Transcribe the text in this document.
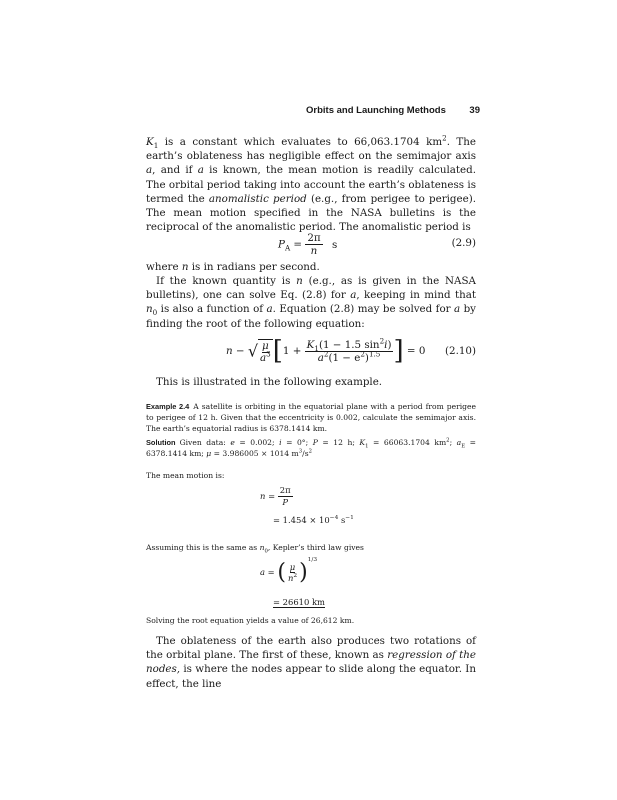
Orbits and Launching Methods 39
$K_1$ is a constant which evaluates to 66,063.1704 $km^2$. The earth’s oblateness has negligible effect on the semimajor axis a, and if a is known, the mean motion is readily calculated. The orbital period taking into account the earth’s oblateness is termed the anomalistic period (e.g., from perigee to perigee). The mean motion specified in the NASA bulletins is the reciprocal of the anomalistic period. The anomalistic period is
$P_A = \frac{2\pi}{n}$ s	(2.9)
where n is in radians per second.
If the known quantity is n (e.g., as is given in the NASA bulletins), one can solve Eq. (2.8) for a, keeping in mind that $n_0$ is also a function of a. Equation (2.8) may be solved for a by finding the root of the following equation:
$n - √\frac{\mu}{a^3} [1 + \frac{K_1(1 - 1.5 \sin^2i)}{a^2(1 - e^2)^{1.5}}$ ] = 0 (2.10)
This is illustrated in the following example.
Example 2.4 A satellite is orbiting in the equatorial plane with a period from perigee to perigee of 12 h. Given that the eccentricity is 0.002, calculate the semimajor axis. The earth’s equatorial radius is 6378.1414 km.
Solution Given data: e = 0.002; i = 0°; P = 12 h; $K_1 = 66063.1704$ $km^2$; $a_E = 6378.1414$ km; μ = 3.986005 × 1014 $m^3/s^2$
The mean motion is:
$n = \frac{2\pi}{P}$
= $1.454 \times 10^{-4}$ $s^{-1}$
Assuming this is the same as $n_0$, Kepler’s third law gives
$a = (\frac{\mu}{n^2} )^{1/3}$
= 26610 km
Solving the root equation yields a value of 26,612 km.
The oblateness of the earth also produces two rotations of the orbital plane. The first of these, known as regression of the nodes, is where the nodes appear to slide along the equator. In effect, the line
